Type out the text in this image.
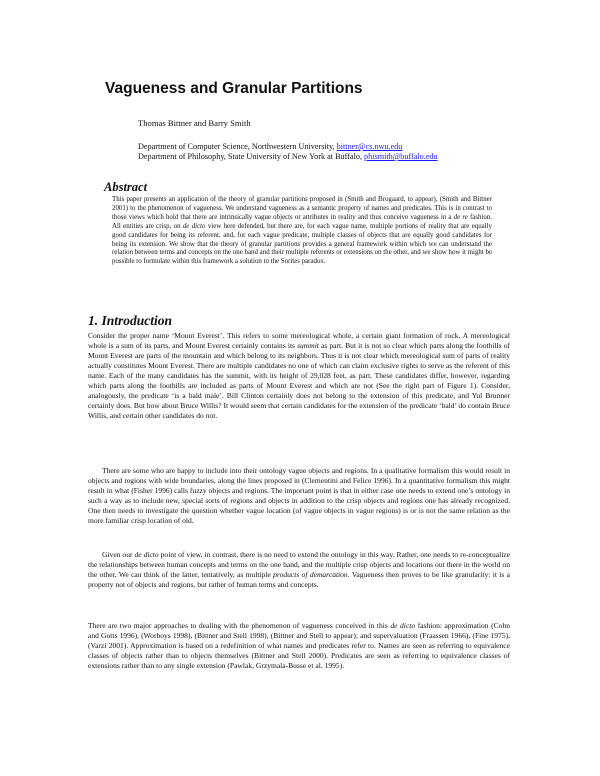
Vagueness and Granular Partitions
Thomas Bittner and Barry Smith
Department of Computer Science, Northwestern University, bittner@cs.nwu.edu
Department of Philosophy, State University of New York at Buffalo, phismith@buffalo.edu
Abstract

This paper presents an application of the theory of granular partitions proposed in (Smith and Brogaard, to appear), (Smith and Bittner 2001) to the phenomenon of vagueness. We understand vagueness as a semantic property of names and predicates. This is in contrast to those views which hold that there are intrinsically vague objects or attributes in reality and thus conceive vagueness in a de re fashion. All entities are crisp, on de dicto view here defended, but there are, for each vague name, multiple portions of reality that are equally good candidates for being its referent, and, for each vague predicate, multiple classes of objects that are equally good candidates for being its extension. We show that the theory of granular partitions provides a general framework within which we can understand the relation between terms and concepts on the one hand and their multiple referents or extensions on the other, and we show how it might be possible to formulate within this framework a solution to the Sorites paradox.

1. Introduction

Consider the proper name ‘Mount Everest’. This refers to some mereological whole, a certain giant formation of rock. A mereological whole is a sum of its parts, and Mount Everest certainly contains its summit as part. But it is not so clear which parts along the foothills of Mount Everest are parts of the mountain and which belong to its neighbors. Thus it is not clear which mereological sum of parts of reality actually constitutes Mount Everest. There are multiple candidates no one of which can claim exclusive rights to serve as the referent of this name. Each of the many candidates has the summit, with its height of 29,028 feet, as part. These candidates differ, however, regarding which parts along the foothills are included as parts of Mount Everest and which are not (See the right part of Figure 1). Consider, analogously, the predicate ‘is a bald male’. Bill Clinton certainly does not belong to the extension of this predicate, and Yul Brunner certainly does. But how about Bruce Willis? It would seem that certain candidates for the extension of the predicate ‘bald’ do contain Bruce Willis, and certain other candidates do not.

There are some who are happy to include into their ontology vague objects and regions. In a qualitative formalism this would result in objects and regions with wide boundaries, along the lines proposed in (Clementini and Felice 1996). In a quantitative formalism this might result in what (Fisher 1996) calls fuzzy objects and regions. The important point is that in either case one needs to extend one’s ontology in such a way as to include new, special sorts of regions and objects in addition to the crisp objects and regions one has already recognized. One then needs to investigate the question whether vague location (of vague objects in vague regions) is or is not the same relation as the more familiar crisp location of old.

Given our de dicto point of view, in contrast, there is no need to extend the ontology in this way. Rather, one needs to re-conceptualize the relationships between human concepts and terms on the one hand, and the multiple crisp objects and locations out there in the world on the other, We can think of the latter, tentatively, as multiple products of demarcation. Vagueness then proves to be like granularity: it is a property not of objects and regions, but rather of human terms and concepts.

There are two major approaches to dealing with the phenomenon of vagueness conceived in this de dicto fashion: approximation (Cohn and Gotts 1996), (Worboys 1998), (Bittner and Stell 1998), (Bittner and Stell to appear); and supervaluation (Fraassen 1966), (Fine 1975), (Varzi 2001). Approximation is based on a redefinition of what names and predicates refer to. Names are seen as referring to equivalence classes of objects rather than to objects themselves (Bittner and Stell 2000). Predicates are seen as referring to equivalence classes of extensions rather than to any single extension (Pawlak, Grzymala-Busse et al. 1995).
